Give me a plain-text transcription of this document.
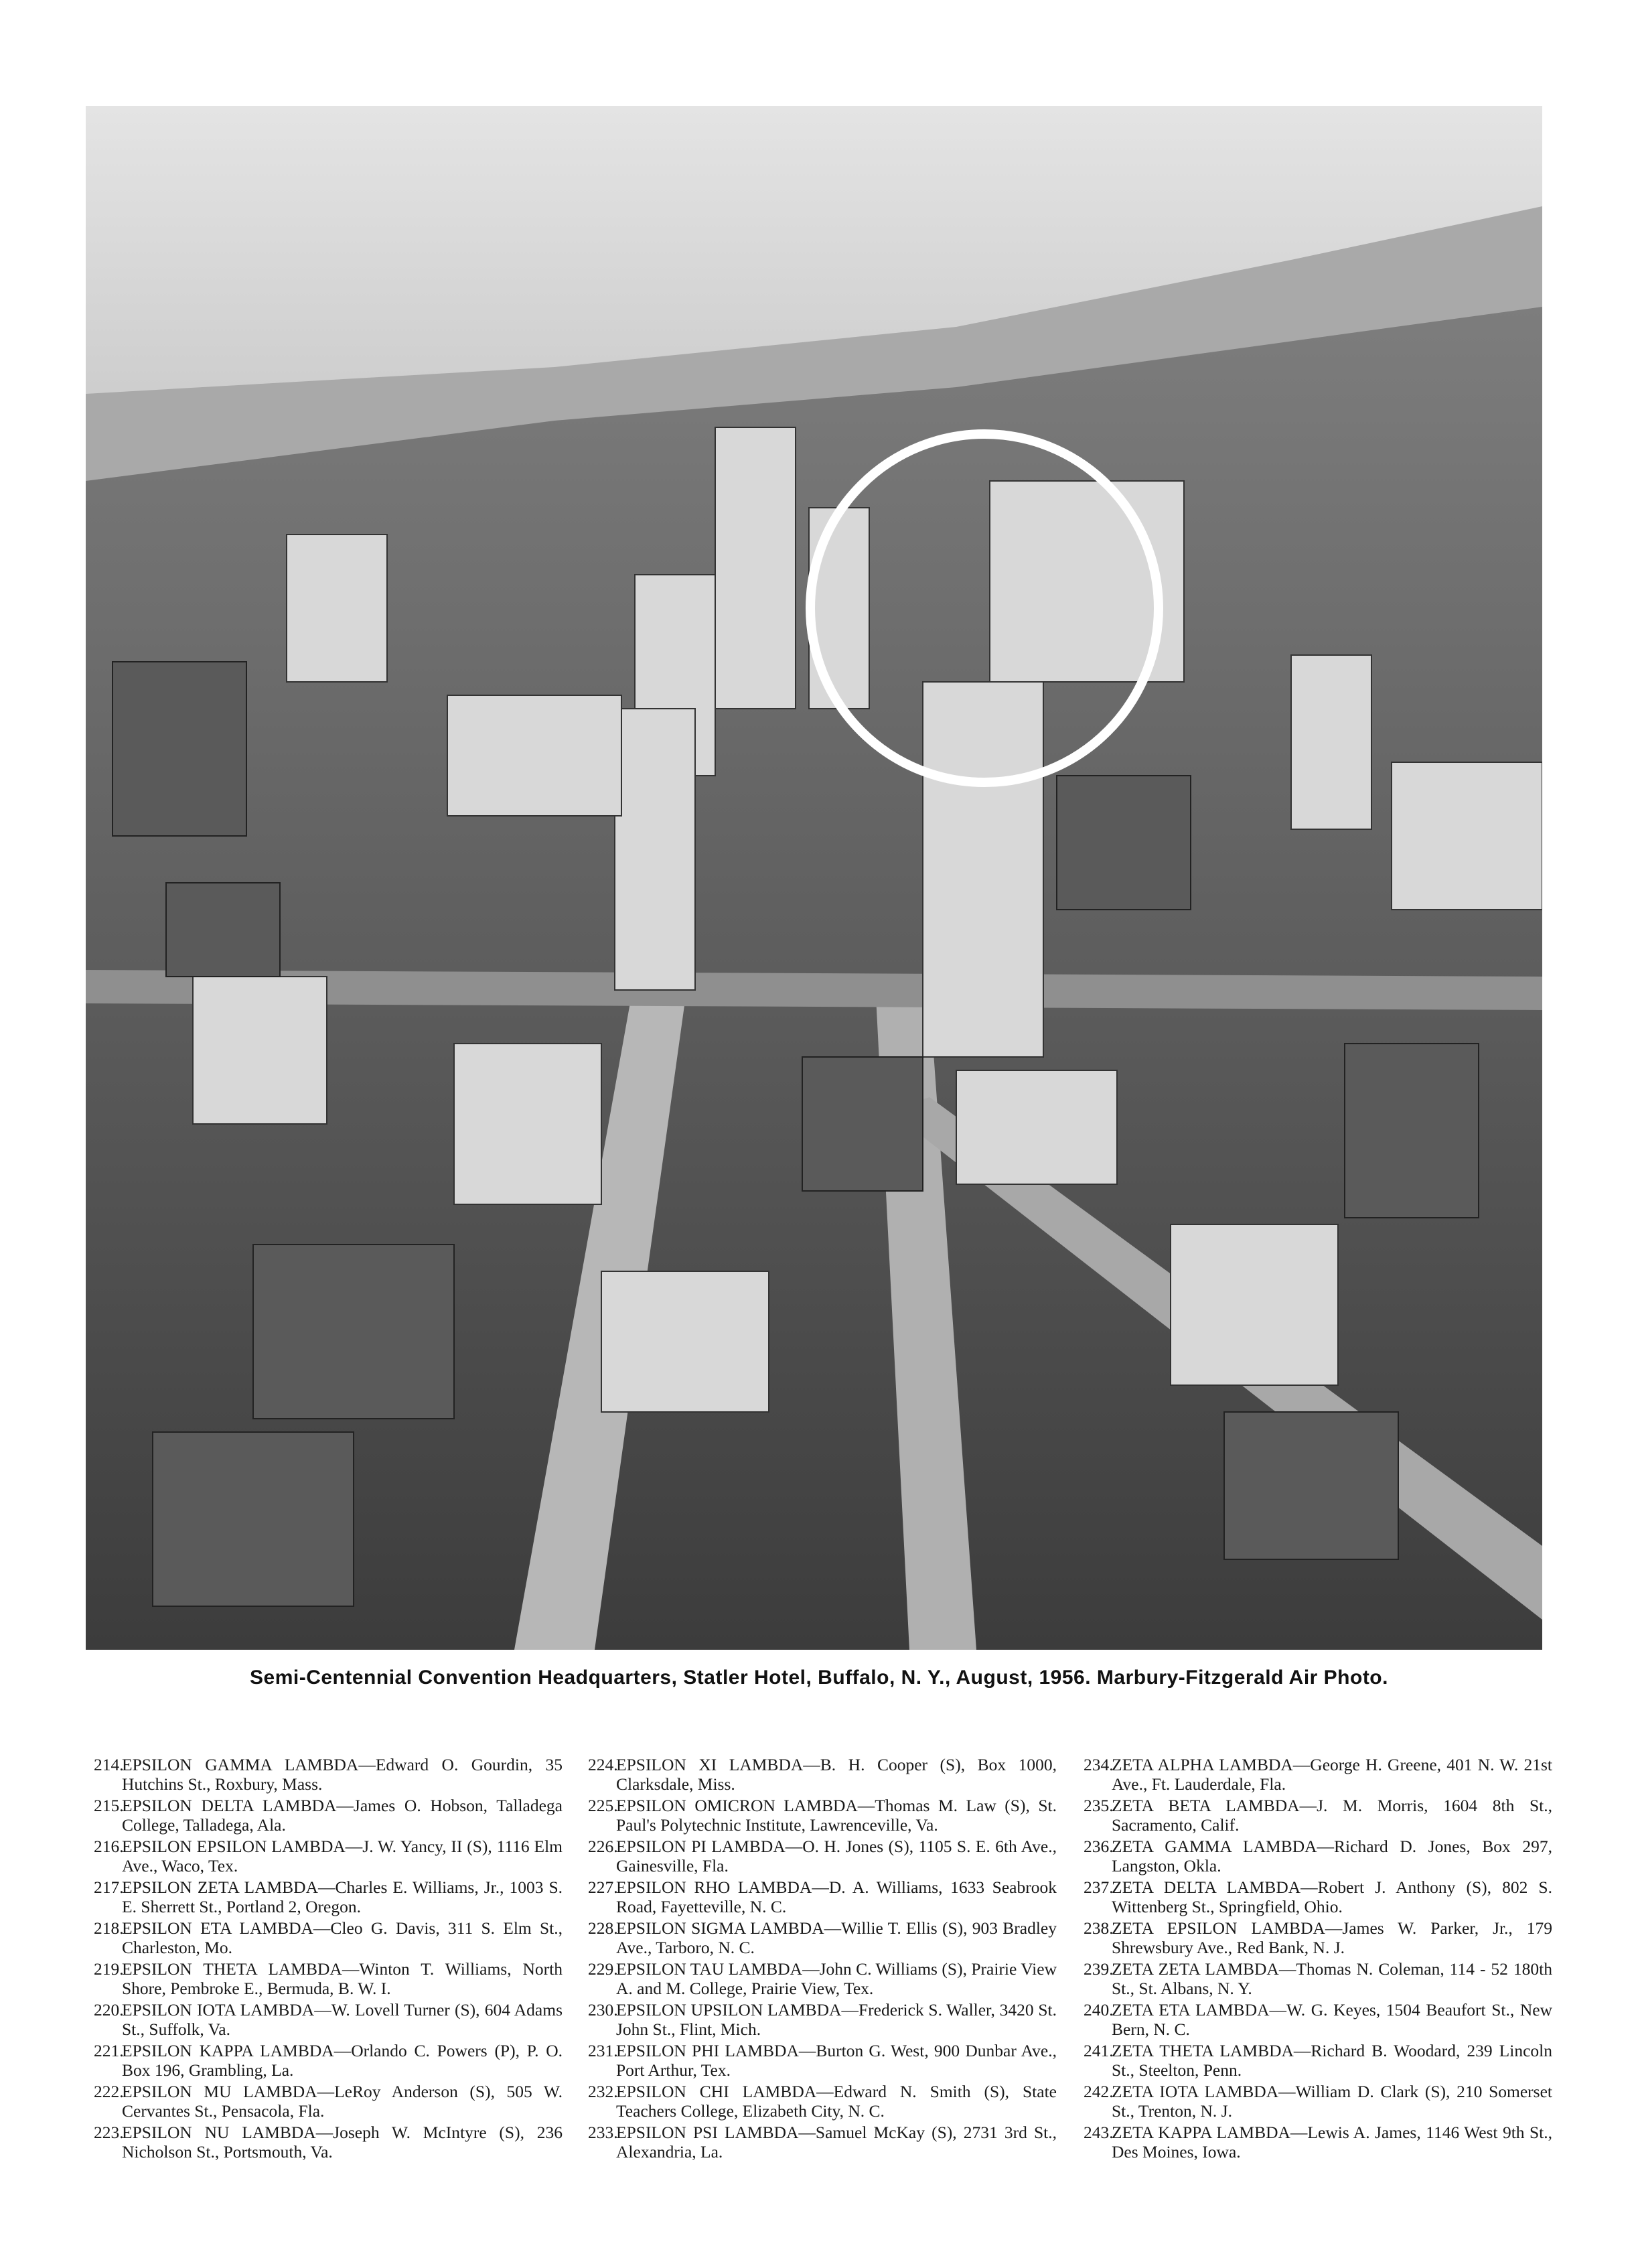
Semi-Centennial Convention Headquarters, Statler Hotel, Buffalo, N. Y., August, 1956. Marbury-Fitzgerald Air Photo.

214.EPSILON GAMMA LAMBDA—Edward O. Gourdin, 35 Hutchins St., Roxbury, Mass.

215.EPSILON DELTA LAMBDA—James O. Hobson, Talladega College, Talladega, Ala.

216.EPSILON EPSILON LAMBDA—J. W. Yancy, II (S), 1116 Elm Ave., Waco, Tex.

217.EPSILON ZETA LAMBDA—Charles E. Williams, Jr., 1003 S. E. Sherrett St., Portland 2, Oregon.

218.EPSILON ETA LAMBDA—Cleo G. Davis, 311 S. Elm St., Charleston, Mo.

219.EPSILON THETA LAMBDA—Winton T. Williams, North Shore, Pembroke E., Bermuda, B. W. I.

220.EPSILON IOTA LAMBDA—W. Lovell Turner (S), 604 Adams St., Suffolk, Va.

221.EPSILON KAPPA LAMBDA—Orlando C. Powers (P), P. O. Box 196, Grambling, La.

222.EPSILON MU LAMBDA—LeRoy Anderson (S), 505 W. Cervantes St., Pensacola, Fla.

223.EPSILON NU LAMBDA—Joseph W. McIntyre (S), 236 Nicholson St., Portsmouth, Va.

224.EPSILON XI LAMBDA—B. H. Cooper (S), Box 1000, Clarksdale, Miss.

225.EPSILON OMICRON LAMBDA—Thomas M. Law (S), St. Paul's Polytechnic Institute, Lawrenceville, Va.

226.EPSILON PI LAMBDA—O. H. Jones (S), 1105 S. E. 6th Ave., Gainesville, Fla.

227.EPSILON RHO LAMBDA—D. A. Williams, 1633 Seabrook Road, Fayetteville, N. C.

228.EPSILON SIGMA LAMBDA—Willie T. Ellis (S), 903 Bradley Ave., Tarboro, N. C.

229.EPSILON TAU LAMBDA—John C. Williams (S), Prairie View A. and M. College, Prairie View, Tex.

230.EPSILON UPSILON LAMBDA—Frederick S. Waller, 3420 St. John St., Flint, Mich.

231.EPSILON PHI LAMBDA—Burton G. West, 900 Dunbar Ave., Port Arthur, Tex.

232.EPSILON CHI LAMBDA—Edward N. Smith (S), State Teachers College, Elizabeth City, N. C.

233.EPSILON PSI LAMBDA—Samuel McKay (S), 2731 3rd St., Alexandria, La.

234.ZETA ALPHA LAMBDA—George H. Greene, 401 N. W. 21st Ave., Ft. Lauderdale, Fla.

235.ZETA BETA LAMBDA—J. M. Morris, 1604 8th St., Sacramento, Calif.

236.ZETA GAMMA LAMBDA—Richard D. Jones, Box 297, Langston, Okla.

237.ZETA DELTA LAMBDA—Robert J. Anthony (S), 802 S. Wittenberg St., Springfield, Ohio.

238.ZETA EPSILON LAMBDA—James W. Parker, Jr., 179 Shrewsbury Ave., Red Bank, N. J.

239.ZETA ZETA LAMBDA—Thomas N. Coleman, 114 - 52 180th St., St. Albans, N. Y.

240.ZETA ETA LAMBDA—W. G. Keyes, 1504 Beaufort St., New Bern, N. C.

241.ZETA THETA LAMBDA—Richard B. Woodard, 239 Lincoln St., Steelton, Penn.

242.ZETA IOTA LAMBDA—William D. Clark (S), 210 Somerset St., Trenton, N. J.

243.ZETA KAPPA LAMBDA—Lewis A. James, 1146 West 9th St., Des Moines, Iowa.
